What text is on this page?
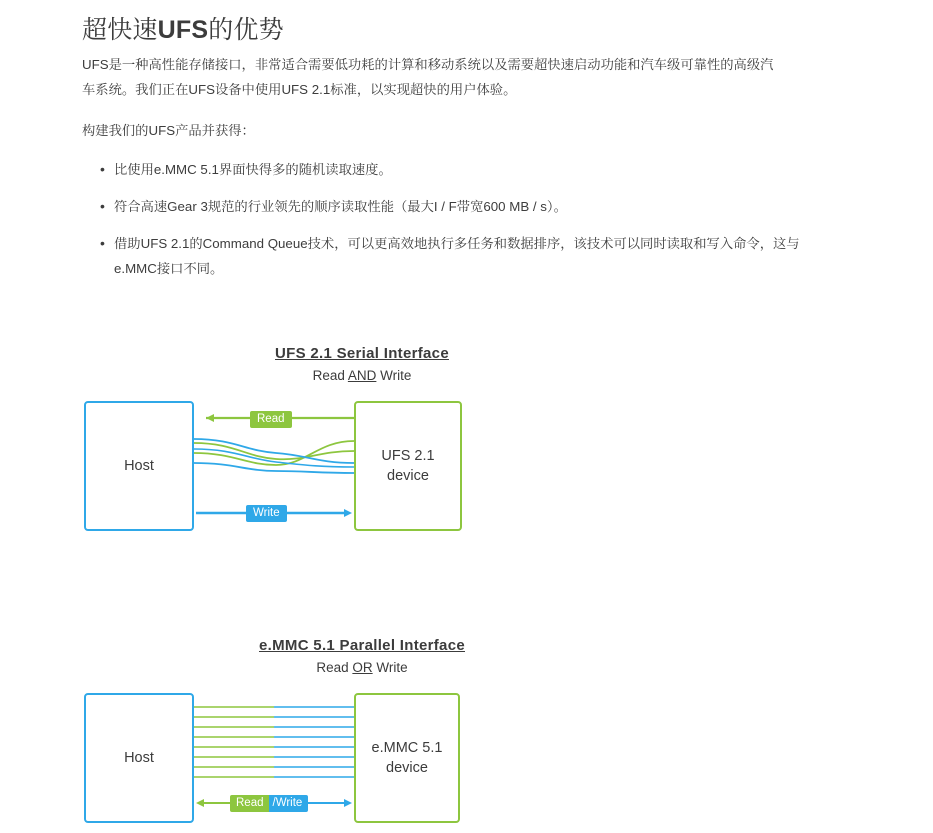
超快速UFS的优势

UFS是一种高性能存储接口，非常适合需要低功耗的计算和移动系统以及需要超快速启动功能和汽车级可靠性的高级汽车系统。我们正在UFS设备中使用UFS 2.1标准，以实现超快的用户体验。

构建我们的UFS产品并获得：

• 比使用e.MMC 5.1界面快得多的随机读取速度。
• 符合高速Gear 3规范的行业领先的顺序读取性能（最大I / F带宽600 MB / s）。
• 借助UFS 2.1的Command Queue技术，可以更高效地执行多任务和数据排序，该技术可以同时读取和写入命令，这与e.MMC接口不同。
UFS 2.1 Serial Interface
Read AND Write
Host
Read
Write
UFS 2.1
device
e.MMC 5.1 Parallel Interface
Read OR Write
Host
Read /Write
e.MMC 5.1
device
